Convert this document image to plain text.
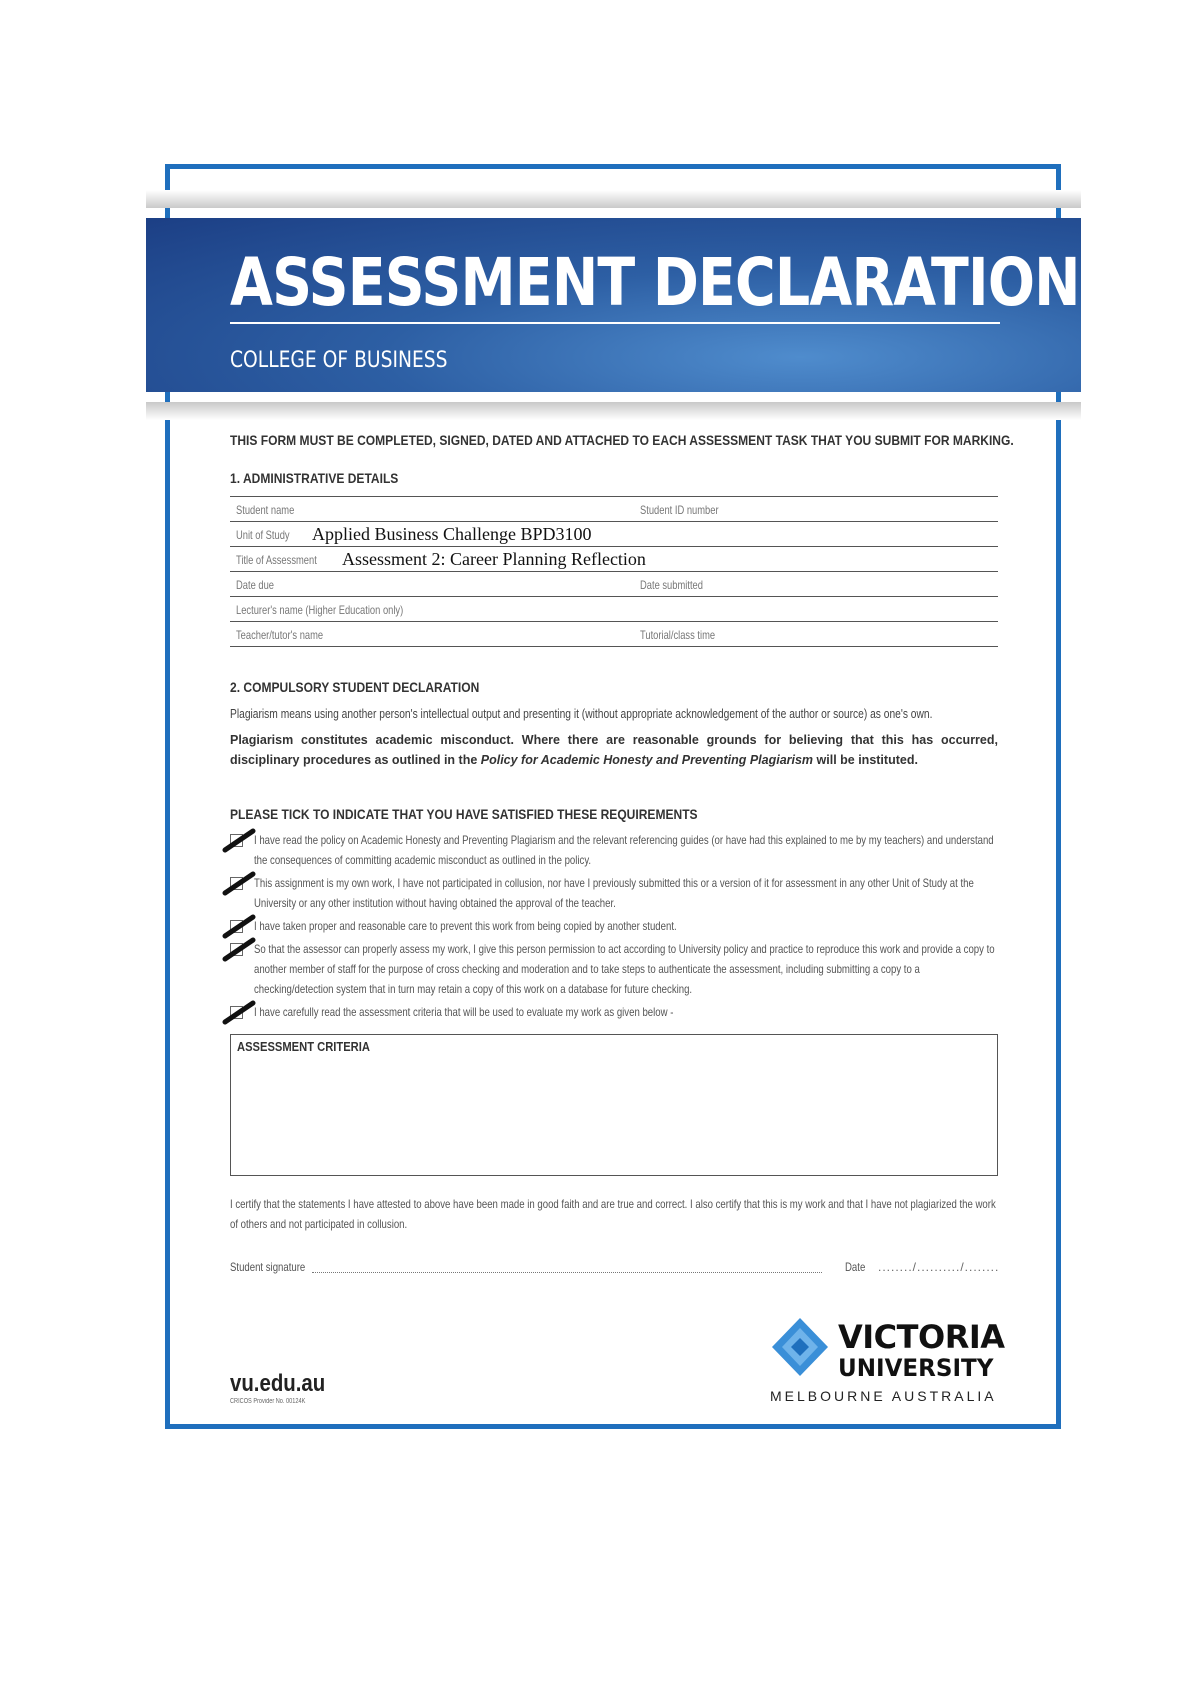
ASSESSMENT DECLARATION
COLLEGE OF BUSINESS
THIS FORM MUST BE COMPLETED, SIGNED, DATED AND ATTACHED TO EACH ASSESSMENT TASK THAT YOU SUBMIT FOR MARKING.
1. ADMINISTRATIVE DETAILS
Student name	Student ID number
Unit of Study Applied Business Challenge BPD3100
Title of Assessment Assessment 2: Career Planning Reflection
Date due	Date submitted
Lecturer's name (Higher Education only)
Teacher/tutor's name	Tutorial/class time
2. COMPULSORY STUDENT DECLARATION
Plagiarism means using another person's intellectual output and presenting it (without appropriate acknowledgement of the author or source) as one's own.
Plagiarism constitutes academic misconduct. Where there are reasonable grounds for believing that this has occurred, disciplinary procedures as outlined in the Policy for Academic Honesty and Preventing Plagiarism will be instituted.
PLEASE TICK TO INDICATE THAT YOU HAVE SATISFIED THESE REQUIREMENTS
I have read the policy on Academic Honesty and Preventing Plagiarism and the relevant referencing guides (or have had this explained to me by my teachers) and understand the consequences of committing academic misconduct as outlined in the policy.
This assignment is my own work, I have not participated in collusion, nor have I previously submitted this or a version of it for assessment in any other Unit of Study at the University or any other institution without having obtained the approval of the teacher.
I have taken proper and reasonable care to prevent this work from being copied by another student.
So that the assessor can properly assess my work, I give this person permission to act according to University policy and practice to reproduce this work and provide a copy to another member of staff for the purpose of cross checking and moderation and to take steps to authenticate the assessment, including submitting a copy to a checking/detection system that in turn may retain a copy of this work on a database for future checking.
I have carefully read the assessment criteria that will be used to evaluate my work as given below -
ASSESSMENT CRITERIA
I certify that the statements I have attested to above have been made in good faith and are true and correct. I also certify that this is my work and that I have not plagiarized the work of others and not participated in collusion.
Student signature	Date ......../........../........
vu.edu.au
CRICOS Provider No. 00124K
VICTORIA
UNIVERSITY
MELBOURNE AUSTRALIA
